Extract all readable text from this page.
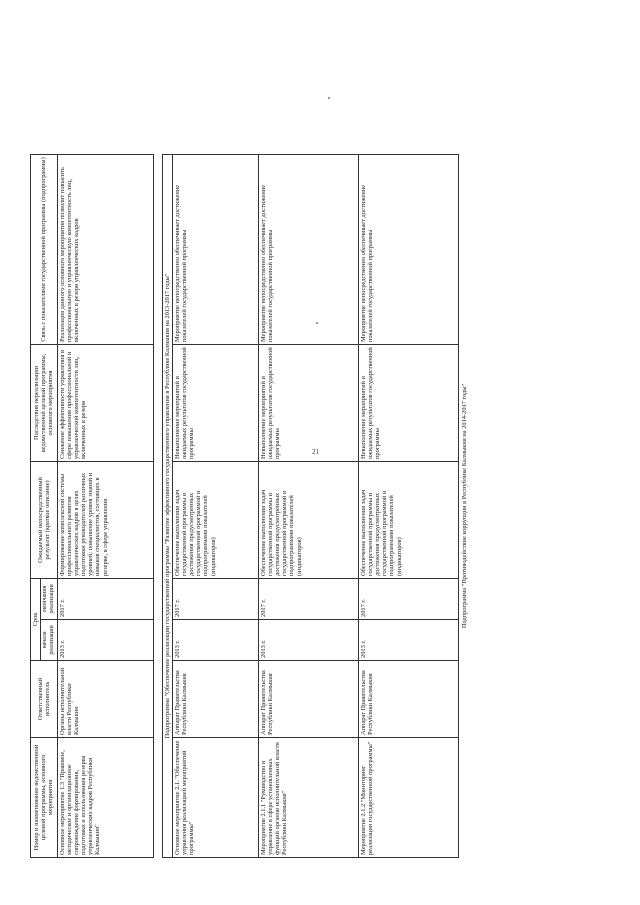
21
Номер и наименование ведомственной целевой программы, основного мероприятия	Ответственный исполнитель	Срок		Ожидаемый непосредственный результат (краткое описание)	Последствия нереализации ведомственной целевой программы, основного мероприятия	Связь с показателями государственной программы (подпрограммы)
		начала реализации	окончания реализации			
Основное мероприятие 1.3 "Правовое, методическое и организационное сопровождение формирования, подготовки и использования резерва управленческих кадров Республики Калмыкия"	Органы исполнительной власти Республики Калмыкия	2013 г.	2017 г.	Формирование комплексной системы профессионального развития управленческих кадров в целях подготовки руководителей различных уровней; повышение уровня знаний и навыков специалистов, состоящих в резерве, в сфере управления	Снижение эффективности управления в сфере повышения профессиональной и управленческой компетентности лиц, включенных в резерв	Реализация данного основного мероприятия позволит повысить профессиональную и управленческую компетентность лиц, включенных в резерв управленческих кадров

Подпрограмма "Обеспечение реализации государственной программы "Развитие эффективного государственного управления в Республике Калмыкия на 2013-2017 годы"						
Основное мероприятие 2.1. "Обеспечение управления реализацией мероприятий программы"	Аппарат Правительства Республики Калмыкия	2013 г.	2017 г.	Обеспечение выполнения задач государственной программы и достижения предусмотренных государственной программой и подпрограммами показателей (индикаторов)	Невыполнение мероприятий и ожидаемых результатов государственной программы	Мероприятие непосредственно обеспечивает достижение показателей государственной программы
Мероприятие 2.1.1 "Руководство и управление в сфере установленных функций органов исполнительной власти Республики Калмыкия"	Аппарат Правительства Республики Калмыкия	2013 г.	2017 г.	Обеспечение выполнения задач государственной программы и достижения предусмотренных государственной программой и подпрограммами показателей (индикаторов)	Невыполнение мероприятий и ожидаемых результатов государственной программы	Мероприятие непосредственно обеспечивает достижение показателей государственной программы
Мероприятие 2.1.2 "Мониторинг реализации государственной программы"	Аппарат Правительства Республики Калмыкия	2013 г.	2017 г.	Обеспечение выполнения задач государственной программы и достижения предусмотренных государственной программой и подпрограммами показателей (индикаторов)	Невыполнение мероприятий и ожидаемых результатов государственной программы	Мероприятие непосредственно обеспечивает достижение показателей государственной программы
Подпрограмма "Противодействие коррупции в Республике Калмыкия на 2014-2017 годы"						
